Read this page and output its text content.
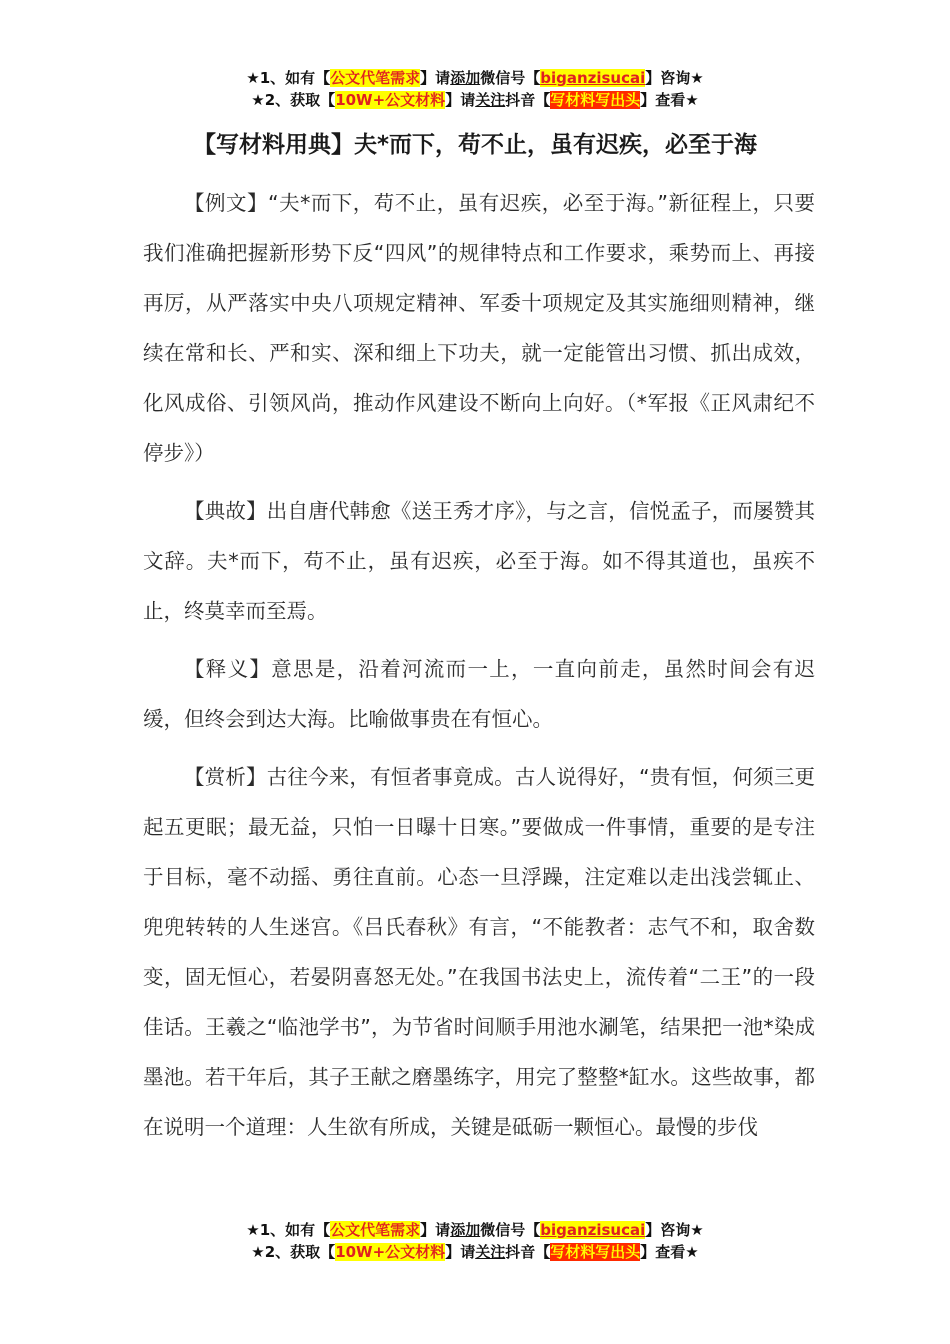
★1、如有【公文代笔需求】请添加微信号【biganzisucai】咨询★
★2、获取【10W+公文材料】请关注抖音【写材料写出头】查看★
【写材料用典】夫*而下，苟不止，虽有迟疾，必至于海

【例文】“夫*而下，苟不止，虽有迟疾，必至于海。”新征程上，只要我们准确把握新形势下反“四风”的规律特点和工作要求，乘势而上、再接再厉，从严落实中央八项规定精神、军委十项规定及其实施细则精神，继续在常和长、严和实、深和细上下功夫，就一定能管出习惯、抓出成效，化风成俗、引领风尚，推动作风建设不断向上向好。（*军报《正风肃纪不停步》）

【典故】出自唐代韩愈《送王秀才序》，与之言，信悦孟子，而屡赞其文辞。夫*而下，苟不止，虽有迟疾，必至于海。如不得其道也，虽疾不止，终莫幸而至焉。

【释义】意思是，沿着河流而一上，一直向前走，虽然时间会有迟缓，但终会到达大海。比喻做事贵在有恒心。

【赏析】古往今来，有恒者事竟成。古人说得好，“贵有恒，何须三更起五更眠；最无益，只怕一日曝十日寒。”要做成一件事情，重要的是专注于目标，毫不动摇、勇往直前。心态一旦浮躁，注定难以走出浅尝辄止、兜兜转转的人生迷宫。《吕氏春秋》有言，“不能教者：志气不和，取舍数变，固无恒心，若晏阴喜怒无处。”在我国书法史上，流传着“二王”的一段佳话。王羲之“临池学书”，为节省时间顺手用池水涮笔，结果把一池*染成墨池。若干年后，其子王献之磨墨练字，用完了整整*缸水。这些故事，都在说明一个道理：人生欲有所成，关键是砥砺一颗恒心。最慢的步伐

★1、如有【公文代笔需求】请添加微信号【biganzisucai】咨询★
★2、获取【10W+公文材料】请关注抖音【写材料写出头】查看★
